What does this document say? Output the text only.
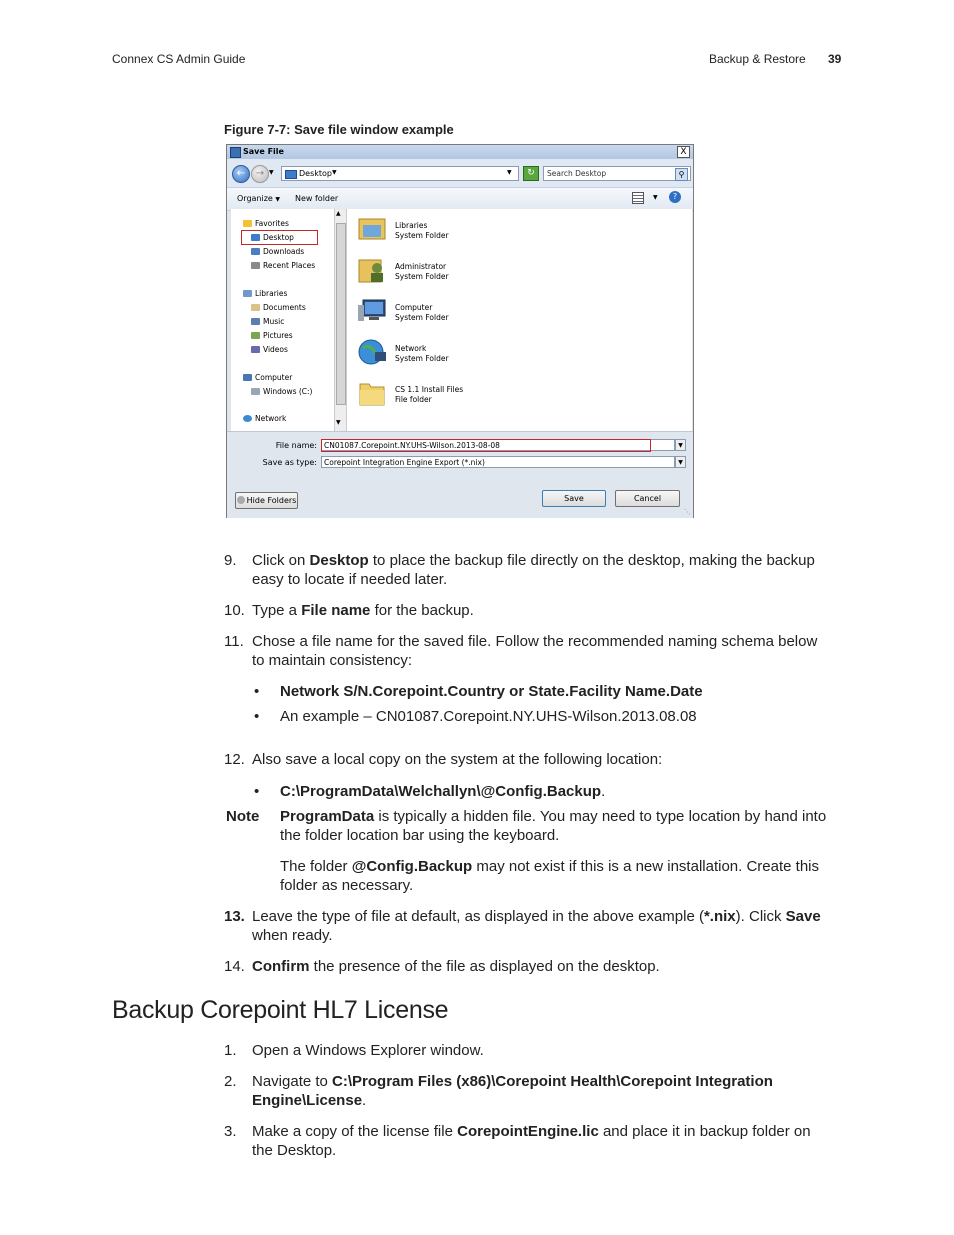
Connex CS Admin Guide	Backup & Restore 39
Figure 7-7: Save file window example
Save File	X
←	→ ▼	Desktop ▼	▼	↻	Search Desktop	⚲
Organize ▼ New folder	▼	?
Favorites
Desktop
Downloads
Recent Places
Libraries
Documents
Music
Pictures
Videos
Computer
Windows (C:)
Network
▲
▼
Libraries
System Folder
Administrator
System Folder
Computer
System Folder
Network
System Folder
CS 1.1 Install Files
File folder
File name: CN01087.Corepoint.NY.UHS-Wilson.2013-08-08	▼
Save as type: Corepoint Integration Engine Export (*.nix)	▼
Hide Folders	Save	Cancel
⋱
9. Click on Desktop to place the backup file directly on the desktop, making the backup
easy to locate if needed later.
10. Type a File name for the backup.
11. Chose a file name for the saved file. Follow the recommended naming schema below
to maintain consistency:
• Network S/N.Corepoint.Country or State.Facility Name.Date
• An example – CN01087.Corepoint.NY.UHS-Wilson.2013.08.08
12. Also save a local copy on the system at the following location:
• C:\ProgramData\Welchallyn\@Config.Backup.
Note ProgramData is typically a hidden file. You may need to type location by hand into
the folder location bar using the keyboard.
The folder @Config.Backup may not exist if this is a new installation. Create this
folder as necessary.
13. Leave the type of file at default, as displayed in the above example (*.nix). Click Save
when ready.
14. Confirm the presence of the file as displayed on the desktop.
Backup Corepoint HL7 License
1. Open a Windows Explorer window.
2. Navigate to C:\Program Files (x86)\Corepoint Health\Corepoint Integration
Engine\License.
3. Make a copy of the license file CorepointEngine.lic and place it in backup folder on
the Desktop.
